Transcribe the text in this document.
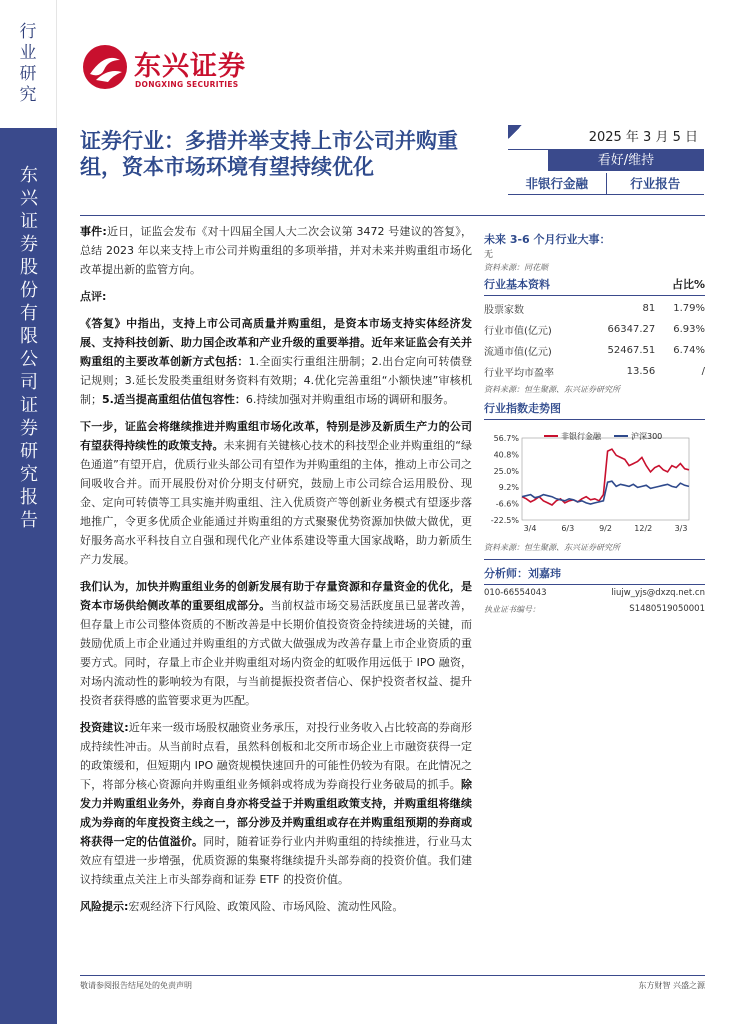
行业研究
东兴证券股份有限公司证券研究报告
东兴证券
DONGXING SECURITIES
证券行业：多措并举支持上市公司并购重组，资本市场环境有望持续优化
2025 年 3 月 5 日
看好/维持
非银行金融	行业报告

事件:近日，证监会发布《对十四届全国人大二次会议第 3472 号建议的答复》，总结 2023 年以来支持上市公司并购重组的多项举措，并对未来并购重组市场化改革提出新的监管方向。

点评:

《答复》中指出，支持上市公司高质量并购重组，是资本市场支持实体经济发展、支持科技创新、助力国企改革和产业升级的重要举措。近年来证监会有关并购重组的主要改革创新方式包括：1.全面实行重组注册制；2.出台定向可转债登记规则；3.延长发股类重组财务资料有效期；4.优化完善重组“小额快速”审核机制；5.适当提高重组估值包容性：6.持续加强对并购重组市场的调研和服务。

下一步，证监会将继续推进并购重组市场化改革，特别是涉及新质生产力的公司有望获得持续性的政策支持。未来拥有关键核心技术的科技型企业并购重组的“绿色通道”有望开启，优质行业头部公司有望作为并购重组的主体，推动上市公司之间吸收合并。而开展股份对价分期支付研究，鼓励上市公司综合运用股份、现金、定向可转债等工具实施并购重组、注入优质资产等创新业务模式有望逐步落地推广，令更多优质企业能通过并购重组的方式聚聚优势资源加快做大做优，更好服务高水平科技自立自强和现代化产业体系建设等重大国家战略，助力新质生产力发展。

我们认为，加快并购重组业务的创新发展有助于存量资源和存量资金的优化，是资本市场供给侧改革的重要组成部分。当前权益市场交易活跃度虽已显著改善，但存量上市公司整体资质的不断改善是中长期价值投资资金持续进场的关键，而鼓励优质上市企业通过并购重组的方式做大做强成为改善存量上市企业资质的重要方式。同时，存量上市企业并购重组对场内资金的虹吸作用远低于 IPO 融资，对场内流动性的影响较为有限，与当前提振投资者信心、保护投资者权益、提升投资者获得感的监管要求更为匹配。

投资建议:近年来一级市场股权融资业务承压，对投行业务收入占比较高的券商形成持续性冲击。从当前时点看，虽然科创板和北交所市场企业上市融资获得一定的政策缓和，但短期内 IPO 融资规模快速回升的可能性仍较为有限。在此情况之下，将部分核心资源向并购重组业务倾斜或将成为券商投行业务破局的抓手。除发力并购重组业务外，券商自身亦将受益于并购重组政策支持，并购重组将继续成为券商的年度投资主线之一，部分涉及并购重组或存在并购重组预期的券商或将获得一定的估值溢价。同时，随着证券行业内并购重组的持续推进，行业马太效应有望进一步增强，优质资源的集聚将继续提升头部券商的投资价值。我们建议持续重点关注上市头部券商和证券 ETF 的投资价值。

风险提示:宏观经济下行风险、政策风险、市场风险、流动性风险。

未来 3-6 个月行业大事：
无
资料来源：同花顺
行业基本资料	占比%
股票家数	81	1.79%
行业市值(亿元)	66347.27	6.93%
流通市值(亿元)	52467.51	6.74%
行业平均市盈率	13.56	/
资料来源：恒生聚源、东兴证券研究所
行业指数走势图
56.7%
40.8%
25.0%
9.2%
-6.6%
-22.5%
3/4	6/3	9/2	12/2	3/3
非银行金融	沪深300
资料来源：恒生聚源、东兴证券研究所
分析师：刘嘉玮
010-66554043	liujw_yjs@dxzq.net.cn
执业证书编号：	S1480519050001
敬请参阅报告结尾处的免责声明	东方财智 兴盛之源
